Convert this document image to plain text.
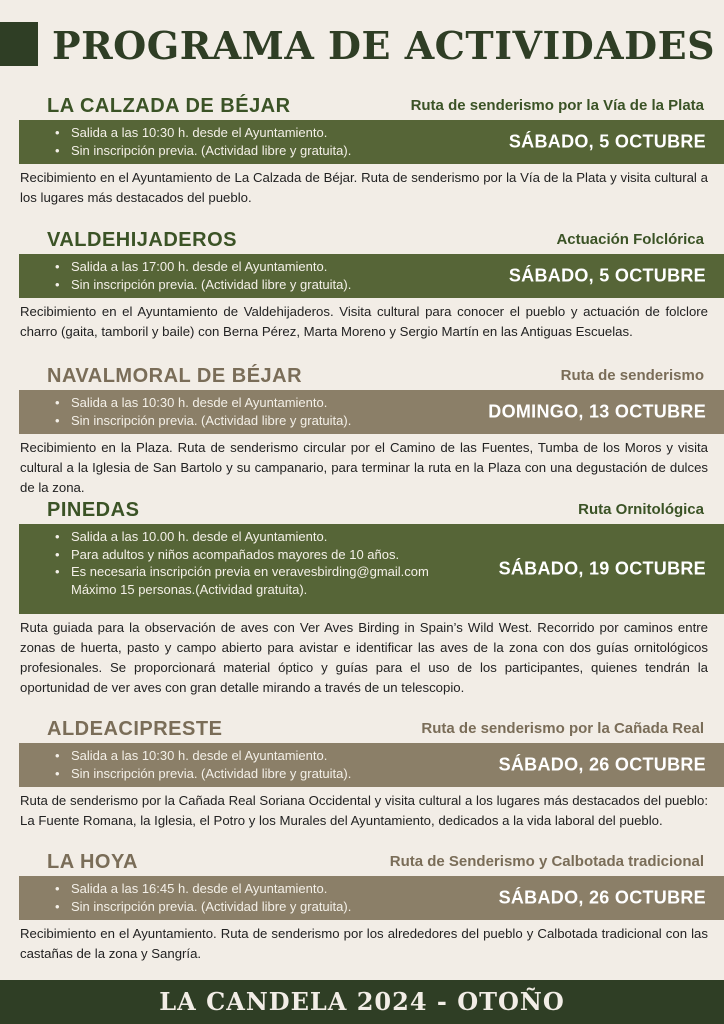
PROGRAMA DE ACTIVIDADES
LA CALZADA DE BÉJAR	Ruta de senderismo por la Vía de la Plata
• Salida a las 10:30 h. desde el Ayuntamiento.
• Sin inscripción previa. (Actividad libre y gratuita).	SÁBADO, 5 OCTUBRE

Recibimiento en el Ayuntamiento de La Calzada de Béjar. Ruta de senderismo por la Vía de la Plata y visita cultural a los lugares más destacados del pueblo.

VALDEHIJADEROS	Actuación Folclórica
• Salida a las 17:00 h. desde el Ayuntamiento.
• Sin inscripción previa. (Actividad libre y gratuita).	SÁBADO, 5 OCTUBRE

Recibimiento en el Ayuntamiento de Valdehijaderos. Visita cultural para conocer el pueblo y actuación de folclore charro (gaita, tamboril y baile) con Berna Pérez, Marta Moreno y Sergio Martín en las Antiguas Escuelas.

NAVALMORAL DE BÉJAR	Ruta de senderismo
• Salida a las 10:30 h. desde el Ayuntamiento.
• Sin inscripción previa. (Actividad libre y gratuita).	DOMINGO, 13 OCTUBRE

Recibimiento en la Plaza. Ruta de senderismo circular por el Camino de las Fuentes, Tumba de los Moros y visita cultural a la Iglesia de San Bartolo y su campanario, para terminar la ruta en la Plaza con una degustación de dulces de la zona.

PINEDAS	Ruta Ornitológica
• Salida a las 10.00 h. desde el Ayuntamiento.
• Para adultos y niños acompañados mayores de 10 años.
• Es necesaria inscripción previa en veravesbirding@gmail.com
Máximo 15 personas.(Actividad gratuita).
SÁBADO, 19 OCTUBRE

Ruta guiada para la observación de aves con Ver Aves Birding in Spain’s Wild West. Recorrido por caminos entre zonas de huerta, pasto y campo abierto para avistar e identificar las aves de la zona con dos guías ornitológicos profesionales. Se proporcionará material óptico y guías para el uso de los participantes, quienes tendrán la oportunidad de ver aves con gran detalle mirando a través de un telescopio.

ALDEACIPRESTE	Ruta de senderismo por la Cañada Real
• Salida a las 10:30 h. desde el Ayuntamiento.
• Sin inscripción previa. (Actividad libre y gratuita).	SÁBADO, 26 OCTUBRE

Ruta de senderismo por la Cañada Real Soriana Occidental y visita cultural a los lugares más destacados del pueblo: La Fuente Romana, la Iglesia, el Potro y los Murales del Ayuntamiento, dedicados a la vida laboral del pueblo.

LA HOYA	Ruta de Senderismo y Calbotada tradicional
• Salida a las 16:45 h. desde el Ayuntamiento.
• Sin inscripción previa. (Actividad libre y gratuita).	SÁBADO, 26 OCTUBRE

Recibimiento en el Ayuntamiento. Ruta de senderismo por los alrededores del pueblo y Calbotada tradicional con las castañas de la zona y Sangría.

LA CANDELA 2024 - OTOÑO
